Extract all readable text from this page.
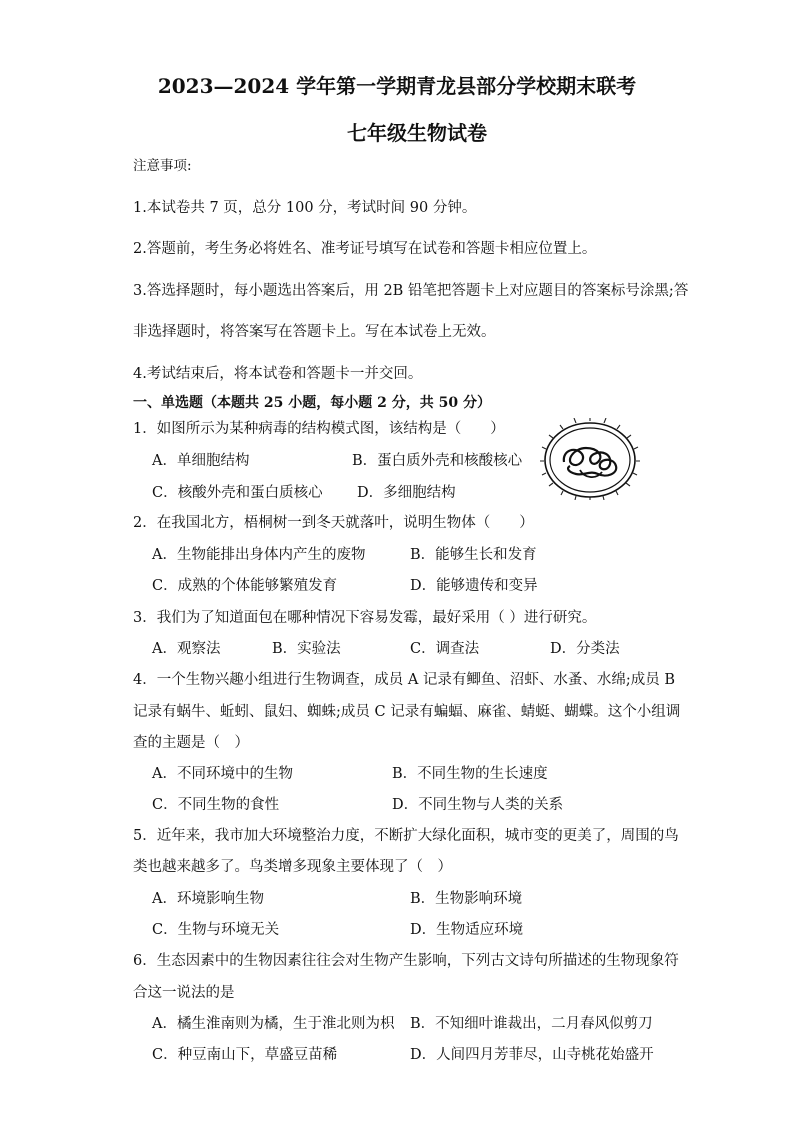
2023—2024 学年第一学期青龙县部分学校期末联考
七年级生物试卷
注意事项:
1.本试卷共 7 页，总分 100 分，考试时间 90 分钟。
2.答题前，考生务必将姓名、准考证号填写在试卷和答题卡相应位置上。
3.答选择题时，每小题选出答案后，用 2B 铅笔把答题卡上对应题目的答案标号涂黑;答
非选择题时，将答案写在答题卡上。写在本试卷上无效。
4.考试结束后，将本试卷和答题卡一并交回。
一、单选题（本题共 25 小题，每小题 2 分，共 50 分）
1．如图所示为某种病毒的结构模式图，该结构是（　　）
A．单细胞结构	B．蛋白质外壳和核酸核心
C．核酸外壳和蛋白质核心 D．多细胞结构
2．在我国北方，梧桐树一到冬天就落叶，说明生物体（　　）
A．生物能排出身体内产生的废物	B．能够生长和发育
C．成熟的个体能够繁殖发育	D．能够遗传和变异
3．我们为了知道面包在哪种情况下容易发霉，最好采用（ ）进行研究。
A．观察法	B．实验法	C．调查法	D．分类法
4．一个生物兴趣小组进行生物调查，成员 A 记录有鲫鱼、沼虾、水蚤、水绵;成员 B
记录有蜗牛、蚯蚓、鼠妇、蜘蛛;成员 C 记录有蝙蝠、麻雀、蜻蜓、蝴蝶。这个小组调
查的主题是（　）
A．不同环境中的生物	B．不同生物的生长速度
C．不同生物的食性	D．不同生物与人类的关系
5．近年来，我市加大环境整治力度，不断扩大绿化面积，城市变的更美了，周围的鸟
类也越来越多了。鸟类增多现象主要体现了（　）
A．环境影响生物	B．生物影响环境
C．生物与环境无关	D．生物适应环境
6．生态因素中的生物因素往往会对生物产生影响，下列古文诗句所描述的生物现象符
合这一说法的是
A．橘生淮南则为橘，生于淮北则为枳 B．不知细叶谁裁出，二月春风似剪刀
C．种豆南山下，草盛豆苗稀	D．人间四月芳菲尽，山寺桃花始盛开
